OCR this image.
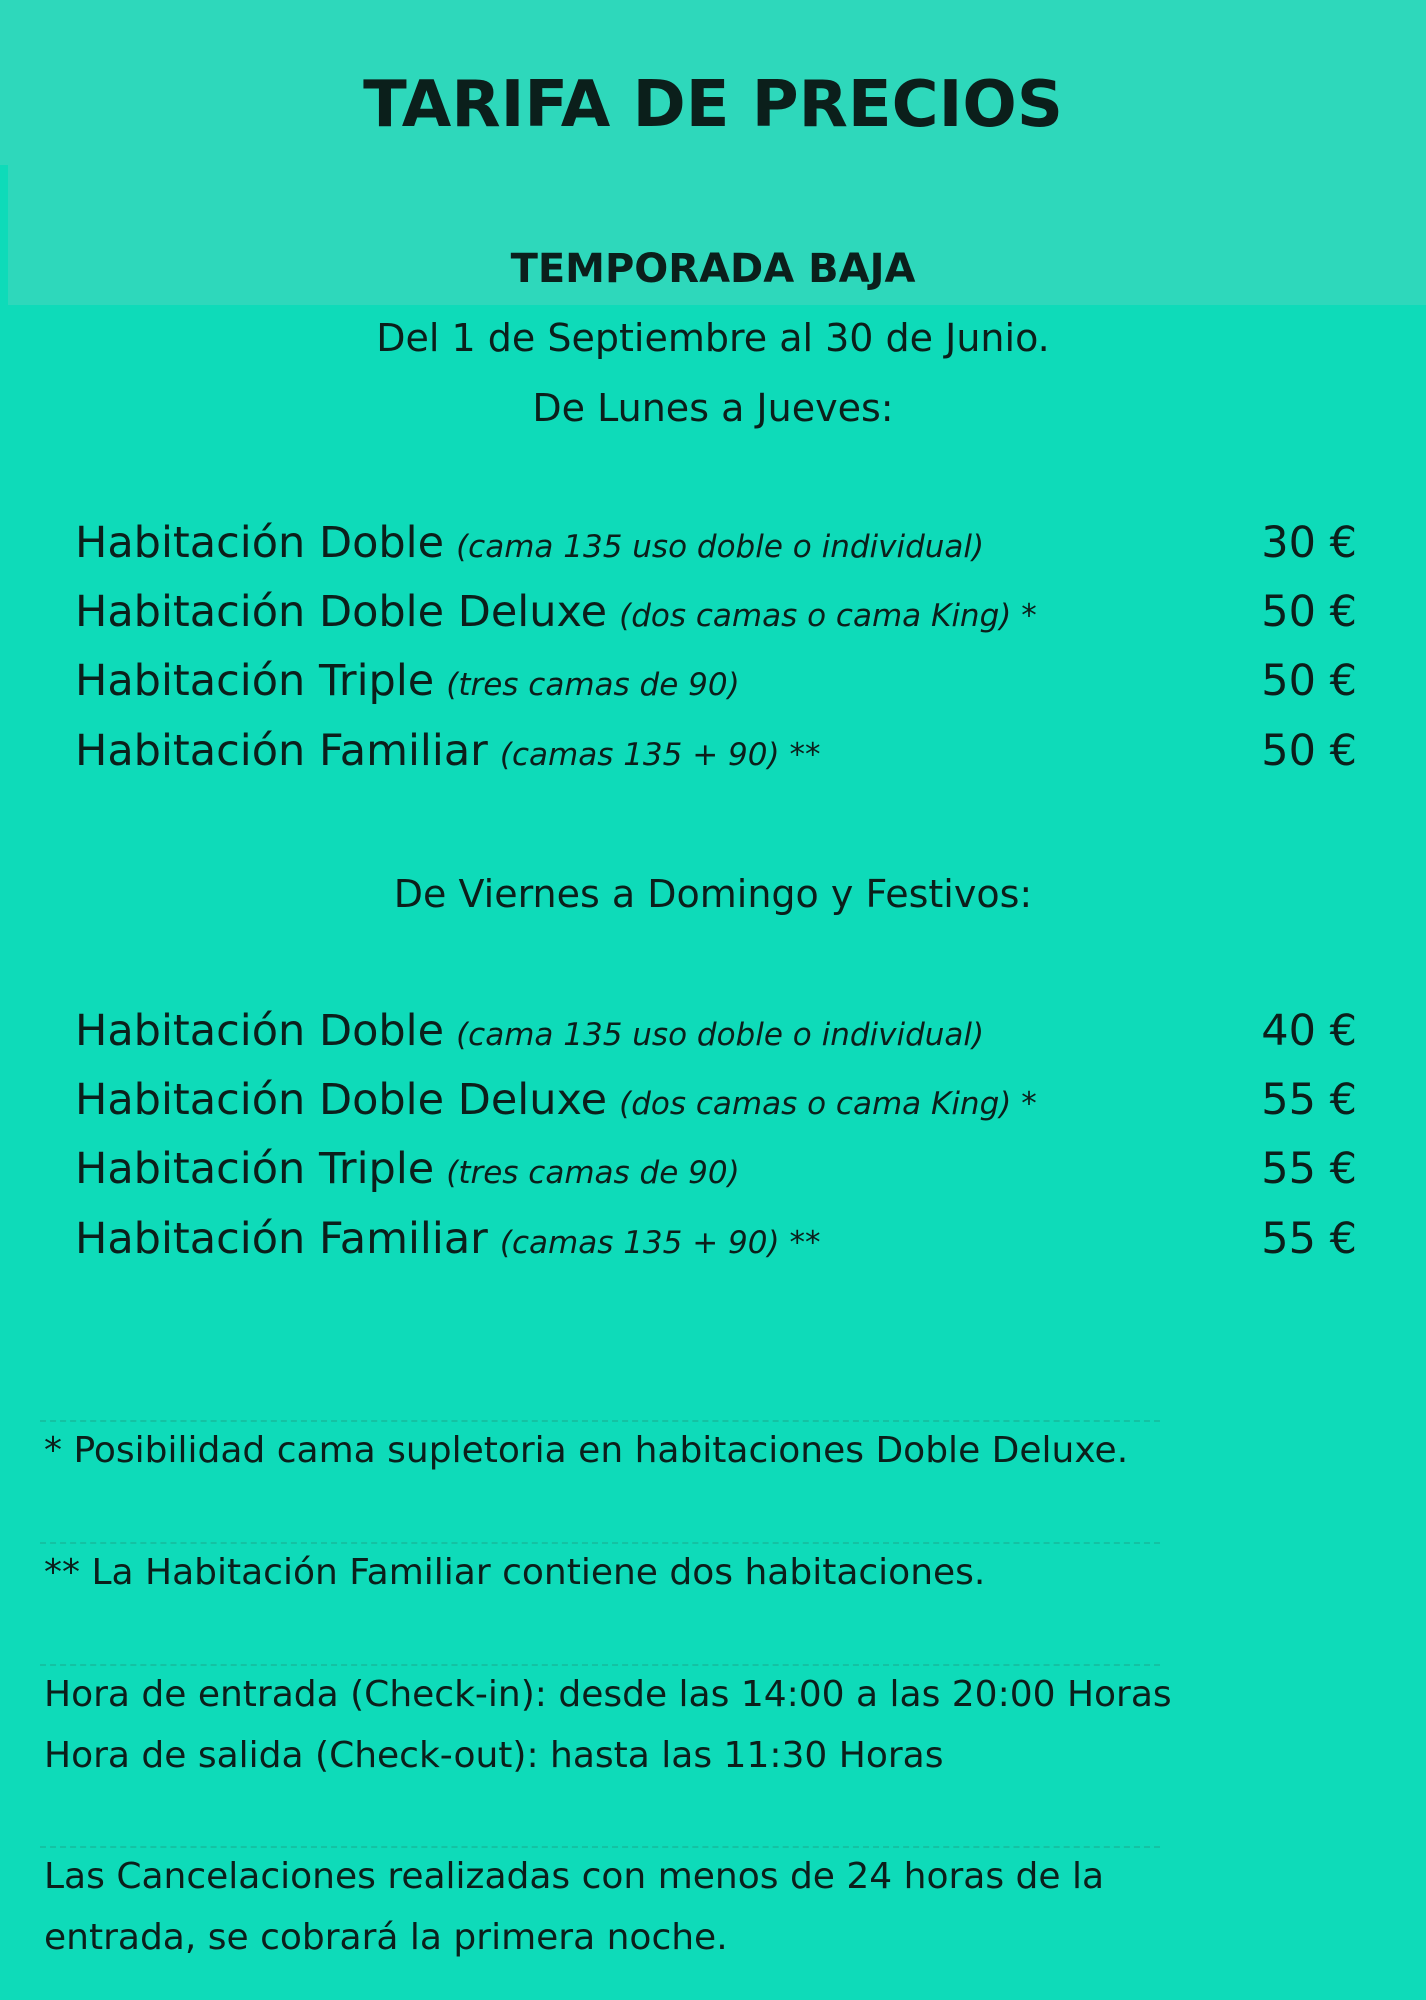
TARIFA DE PRECIOS
TEMPORADA BAJA
Del 1 de Septiembre al 30 de Junio.
De Lunes a Jueves:
Habitación Doble (cama 135 uso doble o individual)	30 €
Habitación Doble Deluxe (dos camas o cama King) *	50 €
Habitación Triple (tres camas de 90)	50 €
Habitación Familiar (camas 135 + 90) **	50 €
De Viernes a Domingo y Festivos:
Habitación Doble (cama 135 uso doble o individual)	40 €
Habitación Doble Deluxe (dos camas o cama King) *	55 €
Habitación Triple (tres camas de 90)	55 €
Habitación Familiar (camas 135 + 90) **	55 €
* Posibilidad cama supletoria en habitaciones Doble Deluxe.
** La Habitación Familiar contiene dos habitaciones.
Hora de entrada (Check-in): desde las 14:00 a las 20:00 Horas
Hora de salida (Check-out): hasta las 11:30 Horas
Las Cancelaciones realizadas con menos de 24 horas de la
entrada, se cobrará la primera noche.
